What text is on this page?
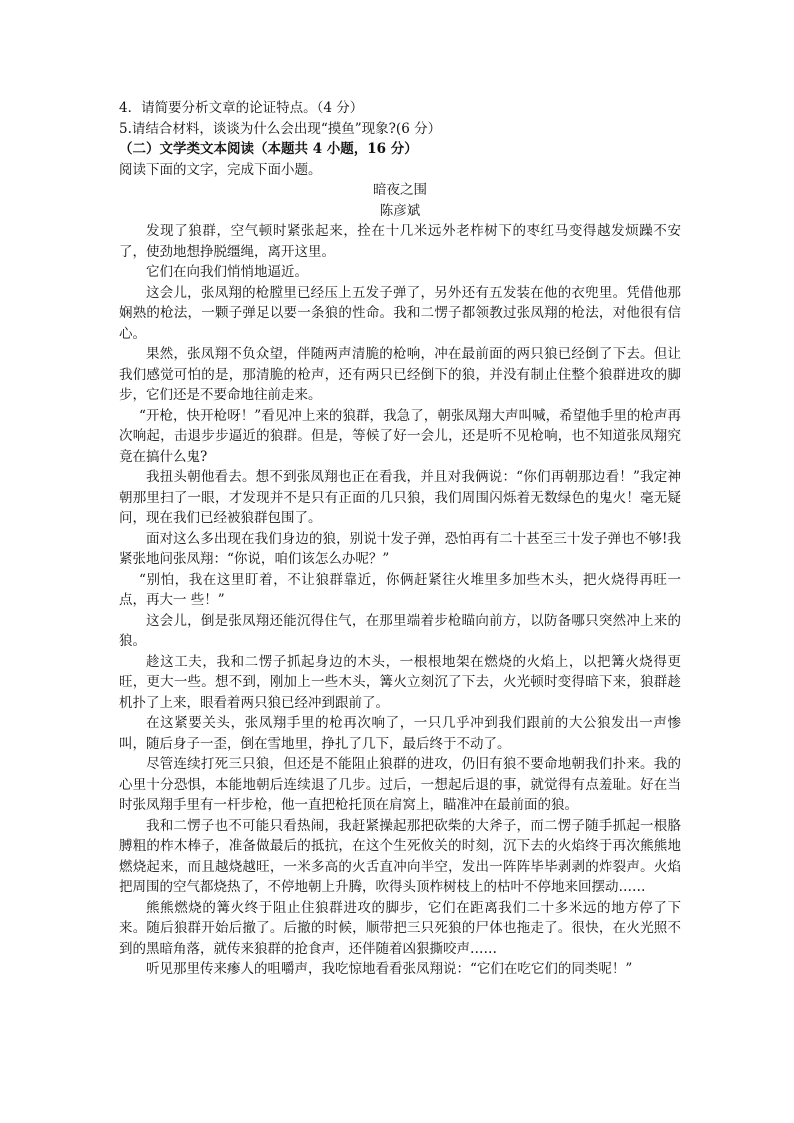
4．请简要分析文章的论证特点。（4 分）

5.请结合材料，谈谈为什么会出现“摸鱼”现象?(6 分）

（二）文学类文本阅读（本题共 4 小题，16 分）

阅读下面的文字，完成下面小题。

暗夜之围

陈彦斌

发现了狼群，空气顿时紧张起来，拴在十几米远外老柞树下的枣红马变得越发烦躁不安了，使劲地想挣脱缰绳，离开这里。

它们在向我们悄悄地逼近。

这会儿，张凤翔的枪膛里已经压上五发子弹了，另外还有五发装在他的衣兜里。凭借他那娴熟的枪法，一颗子弹足以要一条狼的性命。我和二愣子都领教过张凤翔的枪法，对他很有信心。

果然，张凤翔不负众望，伴随两声清脆的枪响，冲在最前面的两只狼已经倒了下去。但让我们感觉可怕的是，那清脆的枪声，还有两只已经倒下的狼，并没有制止住整个狼群进攻的脚步，它们还是不要命地往前走来。

“开枪，快开枪呀！”看见冲上来的狼群，我急了，朝张凤翔大声叫喊，希望他手里的枪声再次响起，击退步步逼近的狼群。但是，等候了好一会儿，还是听不见枪响，也不知道张凤翔究竟在搞什么鬼?

我扭头朝他看去。想不到张凤翔也正在看我，并且对我俩说：“你们再朝那边看！”我定神朝那里扫了一眼，才发现并不是只有正面的几只狼，我们周围闪烁着无数绿色的鬼火！毫无疑问，现在我们已经被狼群包围了。

面对这么多出现在我们身边的狼，别说十发子弹，恐怕再有二十甚至三十发子弹也不够!我紧张地问张凤翔：“你说，咱们该怎么办呢？”

“别怕，我在这里盯着，不让狼群靠近，你俩赶紧往火堆里多加些木头，把火烧得再旺一点，再大一 些！”

这会儿，倒是张凤翔还能沉得住气，在那里端着步枪瞄向前方，以防备哪只突然冲上来的狼。

趁这工夫，我和二愣子抓起身边的木头，一根根地架在燃烧的火焰上，以把篝火烧得更旺，更大一些。想不到，刚加上一些木头，篝火立刻沉了下去，火光顿时变得暗下来，狼群趁机扑了上来，眼看着两只狼已经冲到跟前了。

在这紧要关头，张凤翔手里的枪再次响了，一只几乎冲到我们跟前的大公狼发出一声惨叫，随后身子一歪，倒在雪地里，挣扎了几下，最后终于不动了。

尽管连续打死三只狼，但还是不能阻止狼群的进攻，仍旧有狼不要命地朝我们扑来。我的心里十分恐惧，本能地朝后连续退了几步。过后，一想起后退的事，就觉得有点羞耻。好在当时张凤翔手里有一杆步枪，他一直把枪托顶在肩窝上，瞄准冲在最前面的狼。

我和二愣子也不可能只看热闹，我赶紧操起那把砍柴的大斧子，而二愣子随手抓起一根胳膊粗的柞木棒子，准备做最后的抵抗，在这个生死攸关的时刻，沉下去的火焰终于再次熊熊地燃烧起来，而且越烧越旺，一米多高的火舌直冲向半空，发出一阵阵毕毕剥剥的炸裂声。火焰把周围的空气都烧热了，不停地朝上升腾，吹得头顶柞树枝上的枯叶不停地来回摆动……

熊熊燃烧的篝火终于阻止住狼群进攻的脚步，它们在距离我们二十多米远的地方停了下来。随后狼群开始后撤了。后撤的时候，顺带把三只死狼的尸体也拖走了。很快，在火光照不到的黑暗角落，就传来狼群的抢食声，还伴随着凶狠撕咬声……

听见那里传来瘆人的咀嚼声，我吃惊地看看张凤翔说：“它们在吃它们的同类呢！”
